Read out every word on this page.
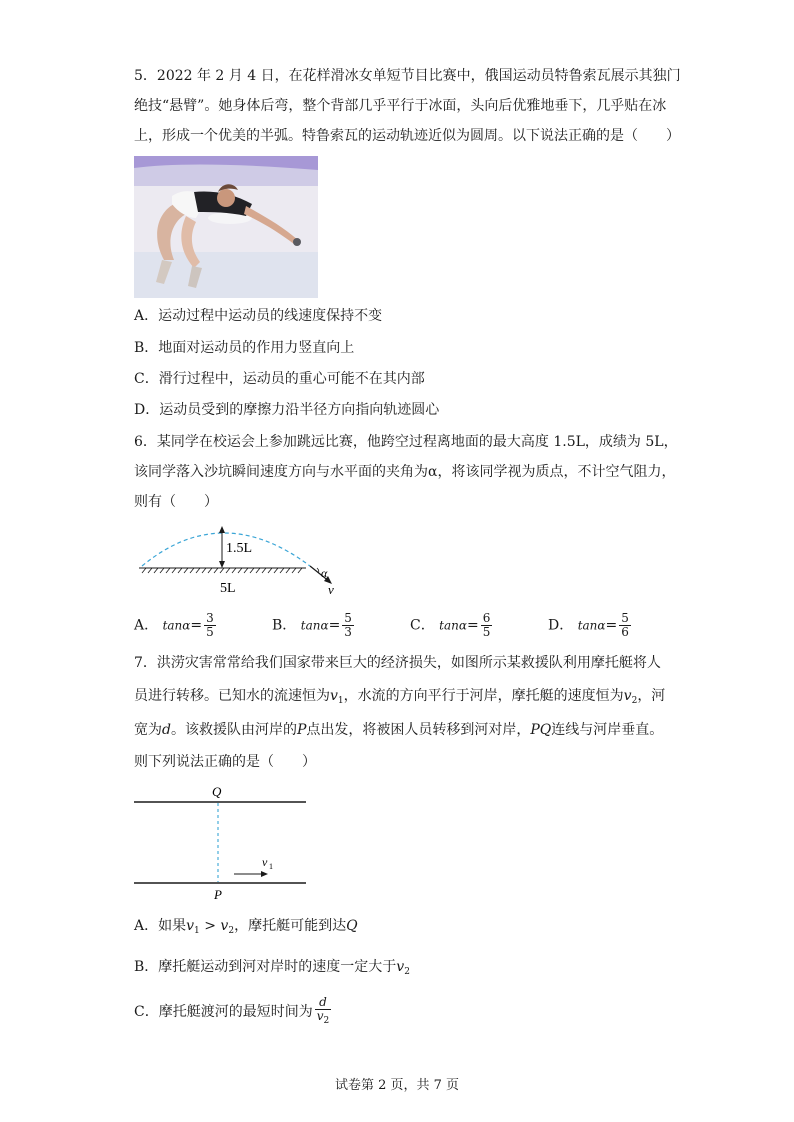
5．2022 年 2 月 4 日，在花样滑冰女单短节目比赛中，俄国运动员特鲁索瓦展示其独门
绝技“悬臂”。她身体后弯，整个背部几乎平行于冰面，头向后优雅地垂下，几乎贴在冰
上，形成一个优美的半弧。特鲁索瓦的运动轨迹近似为圆周。以下说法正确的是（　　）
A．运动过程中运动员的线速度保持不变
B．地面对运动员的作用力竖直向上
C．滑行过程中，运动员的重心可能不在其内部
D．运动员受到的摩擦力沿半径方向指向轨迹圆心
6．某同学在校运会上参加跳远比赛，他跨空过程离地面的最大高度 1.5L，成绩为 5L，
该同学落入沙坑瞬间速度方向与水平面的夹角为α，将该同学视为质点，不计空气阻力，
则有（　　）
1.5L
5L
α
v
A． $\tan\alpha= \frac{3}{5}$	B． $\tan\alpha= \frac{5}{3}$	C． $\tan\alpha= \frac{6}{5}$	D． $\tan\alpha= \frac{5}{6}$
7．洪涝灾害常常给我们国家带来巨大的经济损失，如图所示某救援队利用摩托艇将人
员进行转移。已知水的流速恒为$v_1$，水流的方向平行于河岸，摩托艇的速度恒为$v_2$，河
宽为d。该救援队由河岸的P点出发，将被困人员转移到河对岸，PQ连线与河岸垂直。
则下列说法正确的是（　　）
Q
v 1
P
A．如果$v_1 > v_2$，摩托艇可能到达Q
B．摩托艇运动到河对岸时的速度一定大于$v_2$
C．摩托艇渡河的最短时间为 $\frac{d}{v_2}$
试卷第 2 页，共 7 页
